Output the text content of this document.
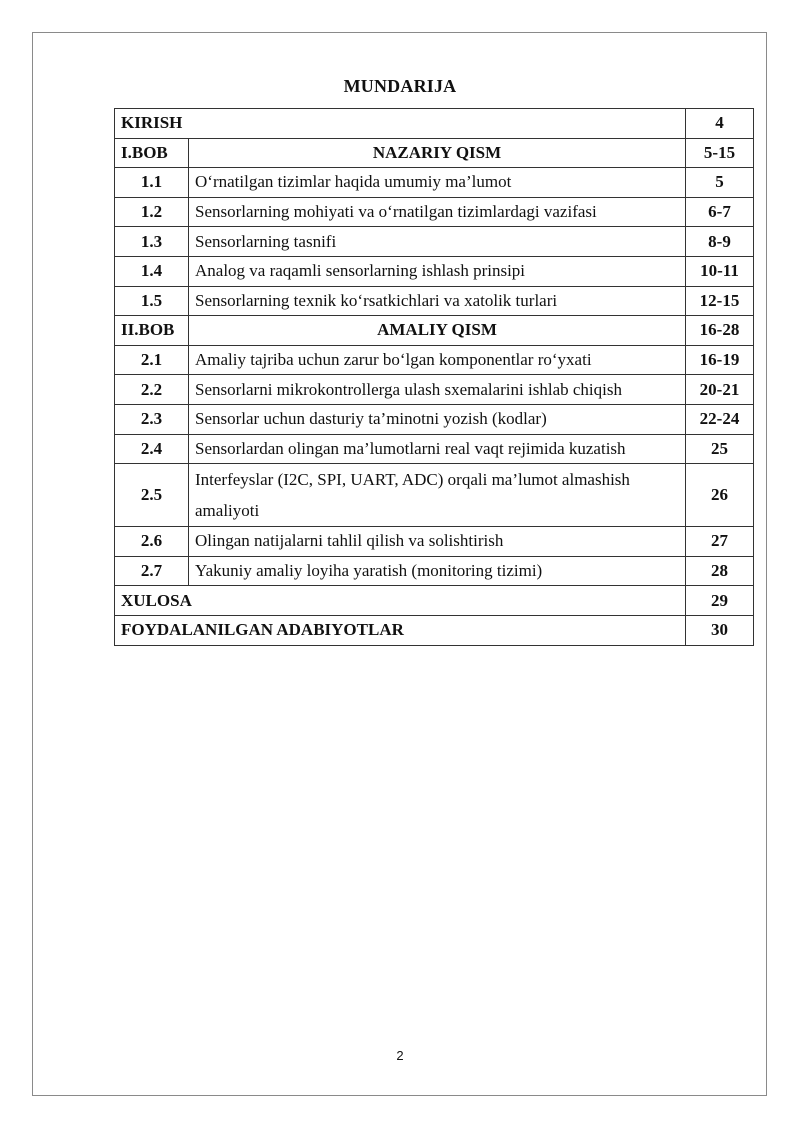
MUNDARIJA
KIRISH		4
I.BOB	NAZARIY QISM	5-15
1.1	O‘rnatilgan tizimlar haqida umumiy ma’lumot	5
1.2	Sensorlarning mohiyati va o‘rnatilgan tizimlardagi vazifasi	6-7
1.3	Sensorlarning tasnifi	8-9
1.4	Analog va raqamli sensorlarning ishlash prinsipi	10-11
1.5	Sensorlarning texnik ko‘rsatkichlari va xatolik turlari	12-15
II.BOB	AMALIY QISM	16-28
2.1	Amaliy tajriba uchun zarur bo‘lgan komponentlar ro‘yxati	16-19
2.2	Sensorlarni mikrokontrollerga ulash sxemalarini ishlab chiqish	20-21
2.3	Sensorlar uchun dasturiy ta’minotni yozish (kodlar)	22-24
2.4	Sensorlardan olingan ma’lumotlarni real vaqt rejimida kuzatish	25
2.5	Interfeyslar (I2C, SPI, UART, ADC) orqali ma’lumot almashish amaliyoti	26
2.6	Olingan natijalarni tahlil qilish va solishtirish	27
2.7	Yakuniy amaliy loyiha yaratish (monitoring tizimi)	28
XULOSA		29
FOYDALANILGAN ADABIYOTLAR		30
2
